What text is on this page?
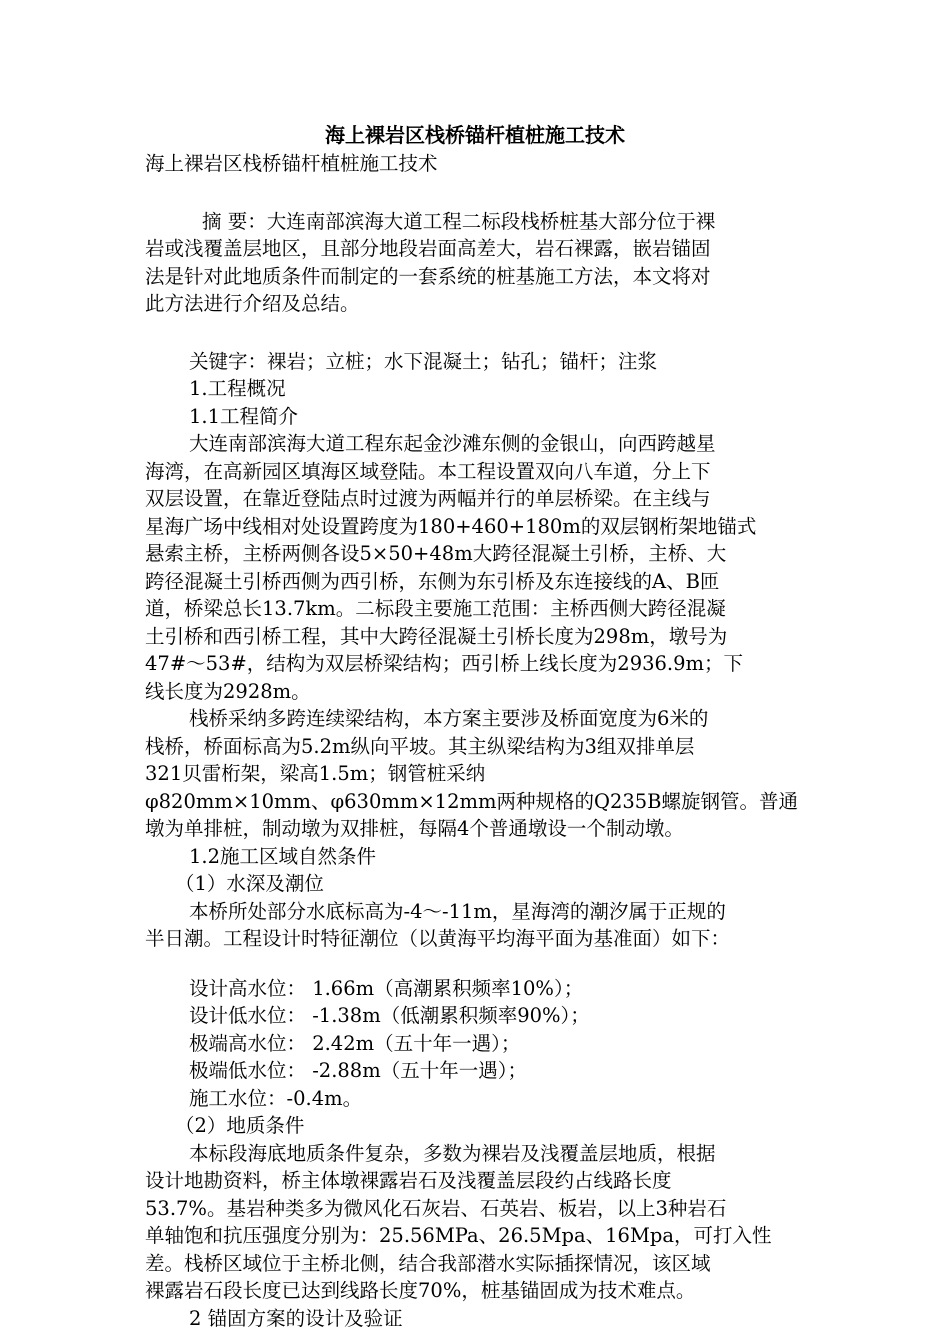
海上裸岩区栈桥锚杆植桩施工技术
海上裸岩区栈桥锚杆植桩施工技术
摘 要：大连南部滨海大道工程二标段栈桥桩基大部分位于裸
岩或浅覆盖层地区，且部分地段岩面高差大，岩石裸露，嵌岩锚固
法是针对此地质条件而制定的一套系统的桩基施工方法，本文将对
此方法进行介绍及总结。
关键字：裸岩；立桩；水下混凝土；钻孔；锚杆；注浆
1.工程概况
1.1工程简介
大连南部滨海大道工程东起金沙滩东侧的金银山，向西跨越星
海湾，在高新园区填海区域登陆。本工程设置双向八车道，分上下
双层设置，在靠近登陆点时过渡为两幅并行的单层桥梁。在主线与
星海广场中线相对处设置跨度为180+460+180m的双层钢桁架地锚式
悬索主桥，主桥两侧各设5×50+48m大跨径混凝土引桥，主桥、大
跨径混凝土引桥西侧为西引桥，东侧为东引桥及东连接线的A、B匝
道，桥梁总长13.7km。二标段主要施工范围：主桥西侧大跨径混凝
土引桥和西引桥工程，其中大跨径混凝土引桥长度为298m，墩号为
47#～53#，结构为双层桥梁结构；西引桥上线长度为2936.9m；下
线长度为2928m。
栈桥采纳多跨连续梁结构，本方案主要涉及桥面宽度为6米的
栈桥，桥面标高为5.2m纵向平坡。其主纵梁结构为3组双排单层
321贝雷桁架，梁高1.5m；钢管桩采纳
φ820mm×10mm、φ630mm×12mm两种规格的Q235B螺旋钢管。普通
墩为单排桩，制动墩为双排桩，每隔4个普通墩设一个制动墩。
1.2施工区域自然条件
（1）水深及潮位
本桥所处部分水底标高为-4～-11m，星海湾的潮汐属于正规的
半日潮。工程设计时特征潮位（以黄海平均海平面为基准面）如下：
设计高水位： 1.66m（高潮累积频率10%）；
设计低水位： -1.38m（低潮累积频率90%）；
极端高水位： 2.42m（五十年一遇）；
极端低水位： -2.88m（五十年一遇）；
施工水位：-0.4m。
（2）地质条件
本标段海底地质条件复杂，多数为裸岩及浅覆盖层地质，根据
设计地勘资料，桥主体墩裸露岩石及浅覆盖层段约占线路长度
53.7%。基岩种类多为微风化石灰岩、石英岩、板岩，以上3种岩石
单轴饱和抗压强度分别为：25.56MPa、26.5Mpa、16Mpa，可打入性
差。栈桥区域位于主桥北侧，结合我部潜水实际插探情况，该区域
裸露岩石段长度已达到线路长度70%，桩基锚固成为技术难点。
2 锚固方案的设计及验证
